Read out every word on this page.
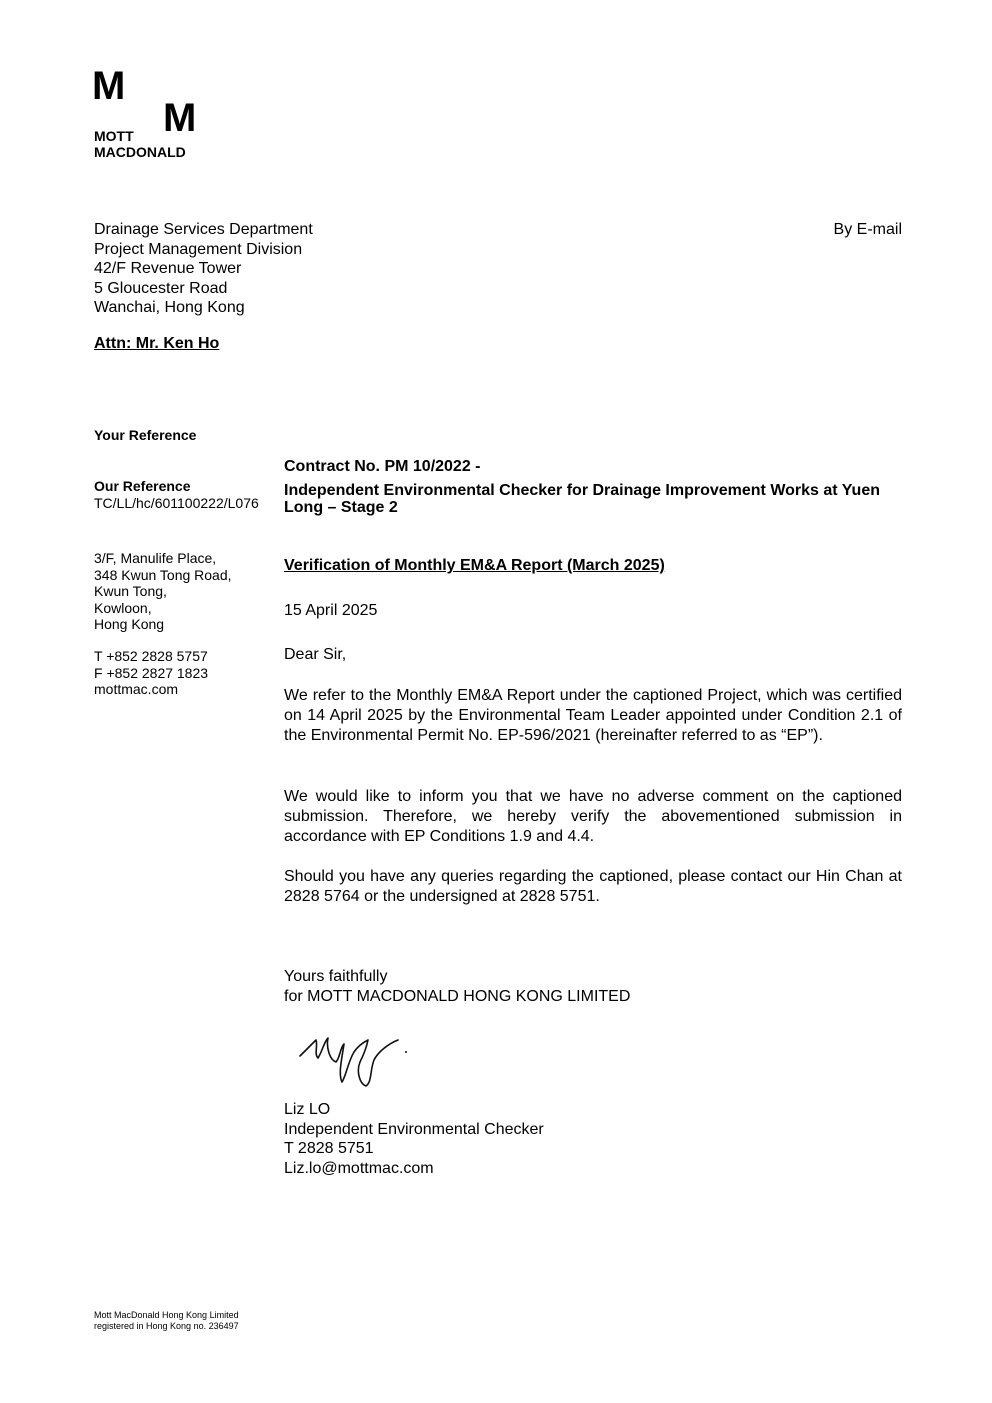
M
M
MOTT
MACDONALD
Drainage Services Department
Project Management Division
42/F Revenue Tower
5 Gloucester Road
Wanchai, Hong Kong
By E-mail
Attn: Mr. Ken Ho
Your Reference
Our Reference
TC/LL/hc/601100222/L076
3/F, Manulife Place,
348 Kwun Tong Road,
Kwun Tong,
Kowloon,
Hong Kong
T +852 2828 5757
F +852 2827 1823
mottmac.com
Contract No. PM 10/2022 -
Independent Environmental Checker for Drainage Improvement Works at Yuen Long – Stage 2
Verification of Monthly EM&A Report (March 2025)
15 April 2025
Dear Sir,
We refer to the Monthly EM&A Report under the captioned Project, which was certified on 14 April 2025 by the Environmental Team Leader appointed under Condition 2.1 of the Environmental Permit No. EP-596/2021 (hereinafter referred to as “EP”).
We would like to inform you that we have no adverse comment on the captioned submission. Therefore, we hereby verify the abovementioned submission in accordance with EP Conditions 1.9 and 4.4.
Should you have any queries regarding the captioned, please contact our Hin Chan at 2828 5764 or the undersigned at 2828 5751.
Yours faithfully
for MOTT MACDONALD HONG KONG LIMITED
Liz LO
Independent Environmental Checker
T 2828 5751
Liz.lo@mottmac.com
Mott MacDonald Hong Kong Limited
registered in Hong Kong no. 236497
